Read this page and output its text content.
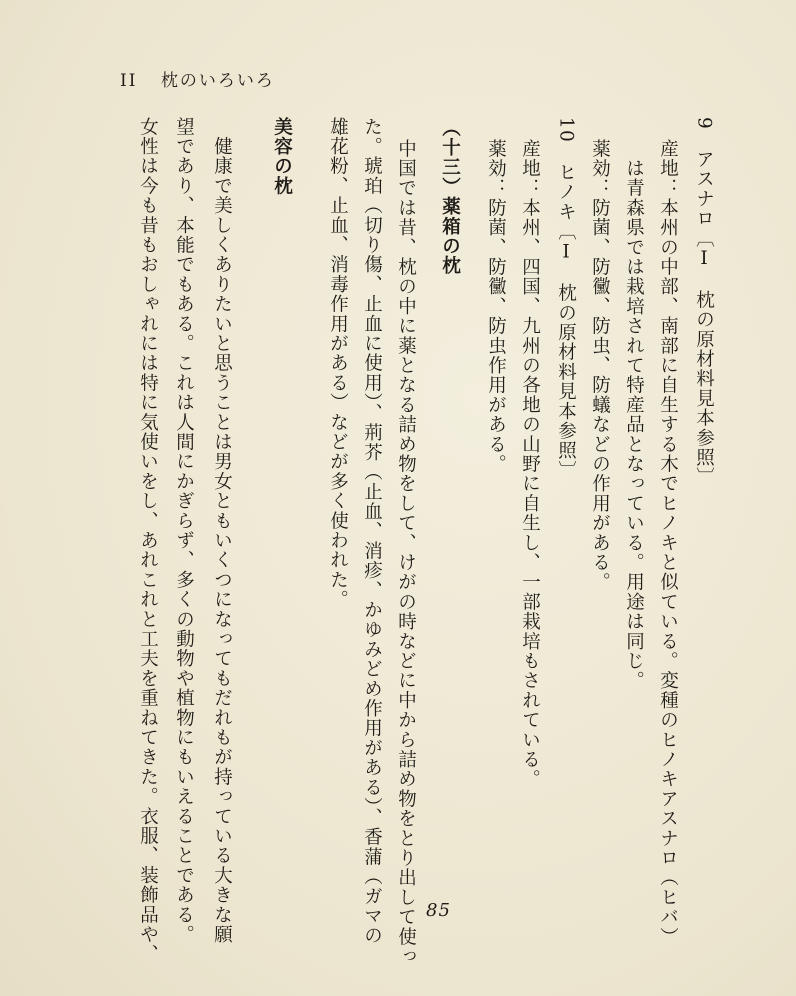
II 枕のいろいろ
9　アスナロ〔Ⅰ　枕の原材料見本参照〕
産地：本州の中部、南部に自生する木でヒノキと似ている。変種のヒノキアスナロ（ヒバ）
　は青森県では栽培されて特産品となっている。用途は同じ。
薬効：防菌、防黴、防虫、防蟻などの作用がある。
10　ヒノキ〔Ⅰ　枕の原材料見本参照〕
産地：本州、四国、九州の各地の山野に自生し、一部栽培もされている。
薬効：防菌、防黴、防虫作用がある。
（十三）薬箱の枕
中国では昔、枕の中に薬となる詰め物をして、けがの時などに中から詰め物をとり出して使っ
た。琥珀（切り傷、止血に使用）、荊芥（止血、消疹、かゆみどめ作用がある）、香蒲（ガマの
雄花粉、止血、消毒作用がある）などが多く使われた。
美容の枕
　健康で美しくありたいと思うことは男女ともいくつになってもだれもが持っている大きな願
望であり、本能でもある。これは人間にかぎらず、多くの動物や植物にもいえることである。
女性は今も昔もおしゃれには特に気使いをし、あれこれと工夫を重ねてきた。衣服、装飾品や、	85
